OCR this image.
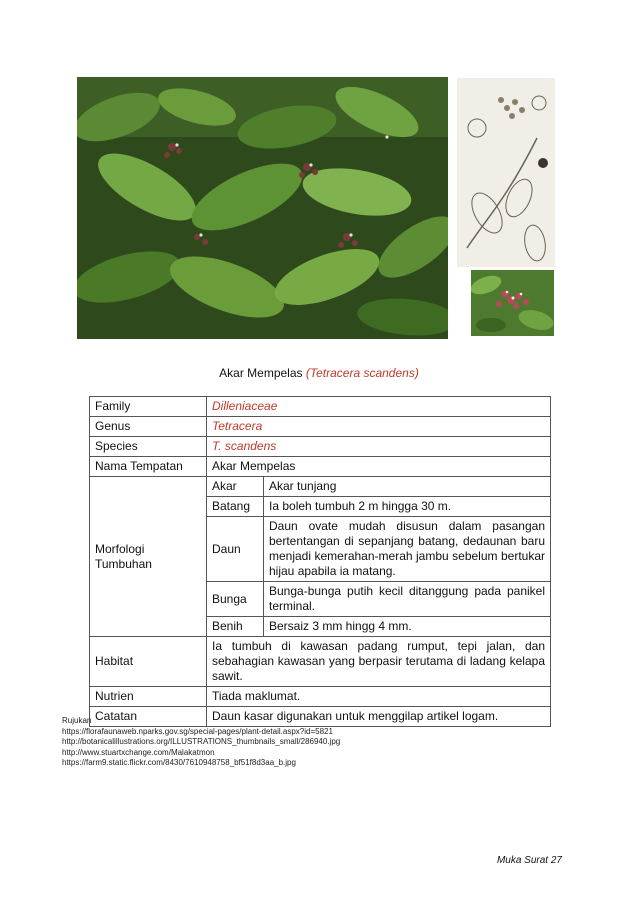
Akar Mempelas (Tetracera scandens)
Family	Dilleniaceae
Genus	Tetracera
Species	T. scandens
Nama Tempatan	Akar Mempelas
Morfologi Tumbuhan	
Akar	Akar tunjang
Batang	Ia boleh tumbuh 2 m hingga 30 m.
Daun	Daun ovate mudah disusun dalam pasangan bertentangan di sepanjang batang, dedaunan baru menjadi kemerahan-merah jambu sebelum bertukar hijau apabila ia matang.
Bunga	Bunga-bunga putih kecil ditanggung pada panikel terminal.
Benih	Bersaiz 3 mm hingg 4 mm.

Habitat	Ia tumbuh di kawasan padang rumput, tepi jalan, dan sebahagian kawasan yang berpasir terutama di ladang kelapa sawit.
Nutrien	Tiada maklumat.
Catatan	Daun kasar digunakan untuk menggilap artikel logam.
Rujukan
https://florafaunaweb.nparks.gov.sg/special-pages/plant-detail.aspx?id=5821
http://botanicalillustrations.org/ILLUSTRATIONS_thumbnails_small/286940.jpg
http://www.stuartxchange.com/Malakatmon
https://farm9.static.flickr.com/8430/7610948758_bf51f8d3aa_b.jpg
Muka Surat 27
